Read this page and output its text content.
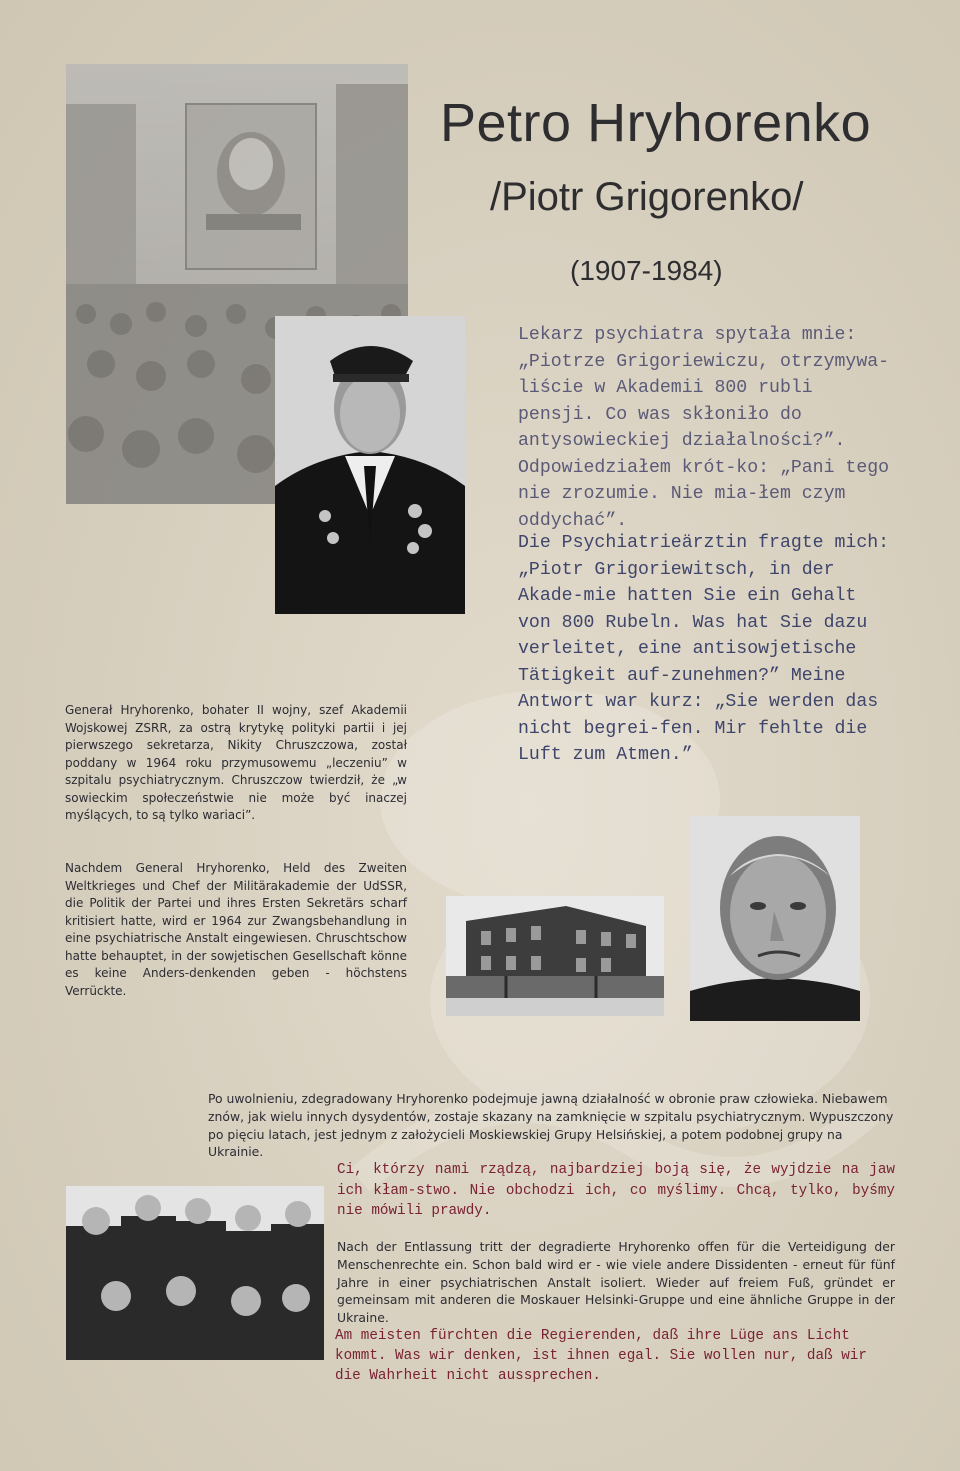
Petro Hryhorenko
/Piotr Grigorenko/
(1907-1984)
Lekarz psychiatra spytała mnie: „Piotrze Grigoriewiczu, otrzymywa-liście w Akademii 800 rubli pensji. Co was skłoniło do antysowieckiej działalności?”. Odpowiedziałem krót-ko: „Pani tego nie zrozumie. Nie mia-łem czym oddychać”.
Die Psychiatrieärztin fragte mich: „Piotr Grigoriewitsch, in der Akade-mie hatten Sie ein Gehalt von 800 Rubeln. Was hat Sie dazu verleitet, eine antisowjetische Tätigkeit auf-zunehmen?” Meine Antwort war kurz: „Sie werden das nicht begrei-fen. Mir fehlte die Luft zum Atmen.”
Generał Hryhorenko, bohater II wojny, szef Akademii Wojskowej ZSRR, za ostrą krytykę polityki partii i jej pierwszego sekretarza, Nikity Chruszczowa, został poddany w 1964 roku przymusowemu „leczeniu” w szpitalu psychiatrycznym. Chruszczow twierdził, że „w sowieckim społeczeństwie nie może być inaczej myślących, to są tylko wariaci”.
Nachdem General Hryhorenko, Held des Zweiten Weltkrieges und Chef der Militärakademie der UdSSR, die Politik der Partei und ihres Ersten Sekretärs scharf kritisiert hatte, wird er 1964 zur Zwangsbehandlung in eine psychiatrische Anstalt eingewiesen. Chruschtschow hatte behauptet, in der sowjetischen Gesellschaft könne es keine Anders-denkenden geben - höchstens Verrückte.
Po uwolnieniu, zdegradowany Hryhorenko podejmuje jawną działalność w obronie praw człowieka. Niebawem znów, jak wielu innych dysydentów, zostaje skazany na zamknięcie w szpitalu psychiatrycznym. Wypuszczony po pięciu latach, jest jednym z założycieli Moskiewskiej Grupy Helsińskiej, a potem podobnej grupy na Ukrainie.
Ci, którzy nami rządzą, najbardziej boją się, że wyjdzie na jaw ich kłam-stwo. Nie obchodzi ich, co myślimy. Chcą, tylko, byśmy nie mówili prawdy.
Nach der Entlassung tritt der degradierte Hryhorenko offen für die Verteidigung der Menschenrechte ein. Schon bald wird er - wie viele andere Dissidenten - erneut für fünf Jahre in einer psychiatrischen Anstalt isoliert. Wieder auf freiem Fuß, gründet er gemeinsam mit anderen die Moskauer Helsinki-Gruppe und eine ähnliche Gruppe in der Ukraine.
Am meisten fürchten die Regierenden, daß ihre Lüge ans Licht kommt. Was wir denken, ist ihnen egal. Sie wollen nur, daß wir die Wahrheit nicht aussprechen.
